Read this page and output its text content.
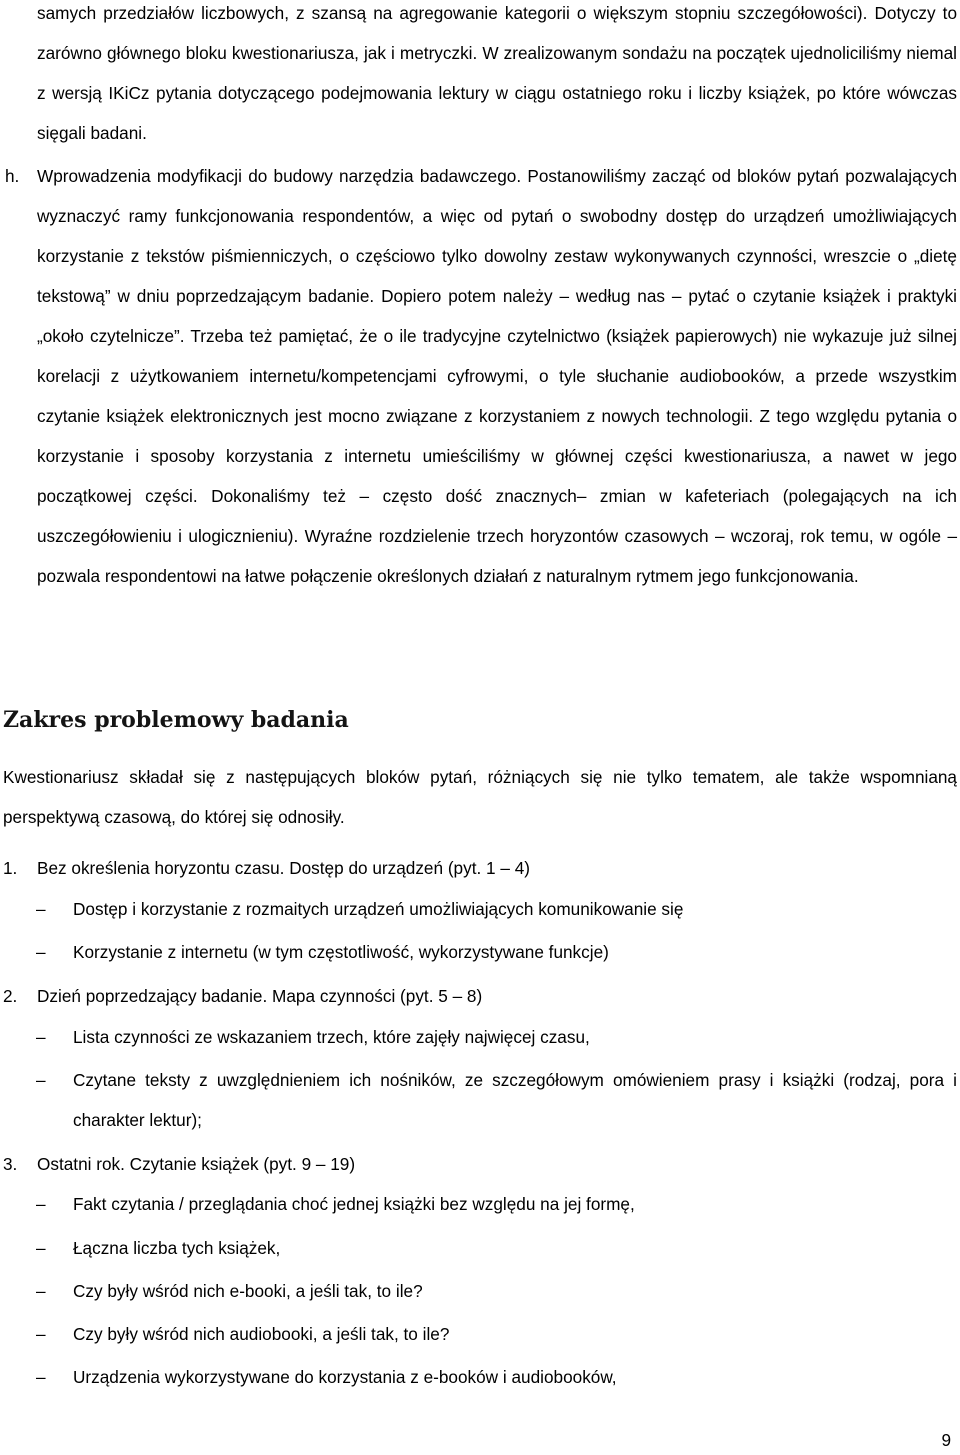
samych przedziałów liczbowych, z szansą na agregowanie kategorii o większym stopniu szczegółowości). Dotyczy to zarówno głównego bloku kwestionariusza, jak i metryczki. W zrealizowanym sondażu na początek ujednoliciliśmy niemal z wersją IKiCz pytania dotyczącego podejmowania lektury w ciągu ostatniego roku i liczby książek, po które wówczas sięgali badani.

h. Wprowadzenia modyfikacji do budowy narzędzia badawczego. Postanowiliśmy zacząć od bloków pytań pozwalających wyznaczyć ramy funkcjonowania respondentów, a więc od pytań o swobodny dostęp do urządzeń umożliwiających korzystanie z tekstów piśmienniczych, o częściowo tylko dowolny zestaw wykonywanych czynności, wreszcie o „dietę tekstową” w dniu poprzedzającym badanie. Dopiero potem należy – według nas – pytać o czytanie książek i praktyki „około czytelnicze”. Trzeba też pamiętać, że o ile tradycyjne czytelnictwo (książek papierowych) nie wykazuje już silnej korelacji z użytkowaniem internetu/kompetencjami cyfrowymi, o tyle słuchanie audiobooków, a przede wszystkim czytanie książek elektronicznych jest mocno związane z korzystaniem z nowych technologii. Z tego względu pytania o korzystanie i sposoby korzystania z internetu umieściliśmy w głównej części kwestionariusza, a nawet w jego początkowej części. Dokonaliśmy też – często dość znacznych– zmian w kafeteriach (polegających na ich uszczegółowieniu i ulogicznieniu). Wyraźne rozdzielenie trzech horyzontów czasowych – wczoraj, rok temu, w ogóle – pozwala respondentowi na łatwe połączenie określonych działań z naturalnym rytmem jego funkcjonowania.

Zakres problemowy badania

Kwestionariusz składał się z następujących bloków pytań, różniących się nie tylko tematem, ale także wspomnianą perspektywą czasową, do której się odnosiły.

1. Bez określenia horyzontu czasu. Dostęp do urządzeń (pyt. 1 – 4)

‒ Dostęp i korzystanie z rozmaitych urządzeń umożliwiających komunikowanie się

‒ Korzystanie z internetu (w tym częstotliwość, wykorzystywane funkcje)

2. Dzień poprzedzający badanie. Mapa czynności (pyt. 5 – 8)

‒ Lista czynności ze wskazaniem trzech, które zajęły najwięcej czasu,

‒ Czytane teksty z uwzględnieniem ich nośników, ze szczegółowym omówieniem prasy i książki (rodzaj, pora i charakter lektur);

3. Ostatni rok. Czytanie książek (pyt. 9 – 19)

‒ Fakt czytania / przeglądania choć jednej książki bez względu na jej formę,

‒ Łączna liczba tych książek,

‒ Czy były wśród nich e-booki, a jeśli tak, to ile?

‒ Czy były wśród nich audiobooki, a jeśli tak, to ile?

‒ Urządzenia wykorzystywane do korzystania z e-booków i audiobooków,

9
